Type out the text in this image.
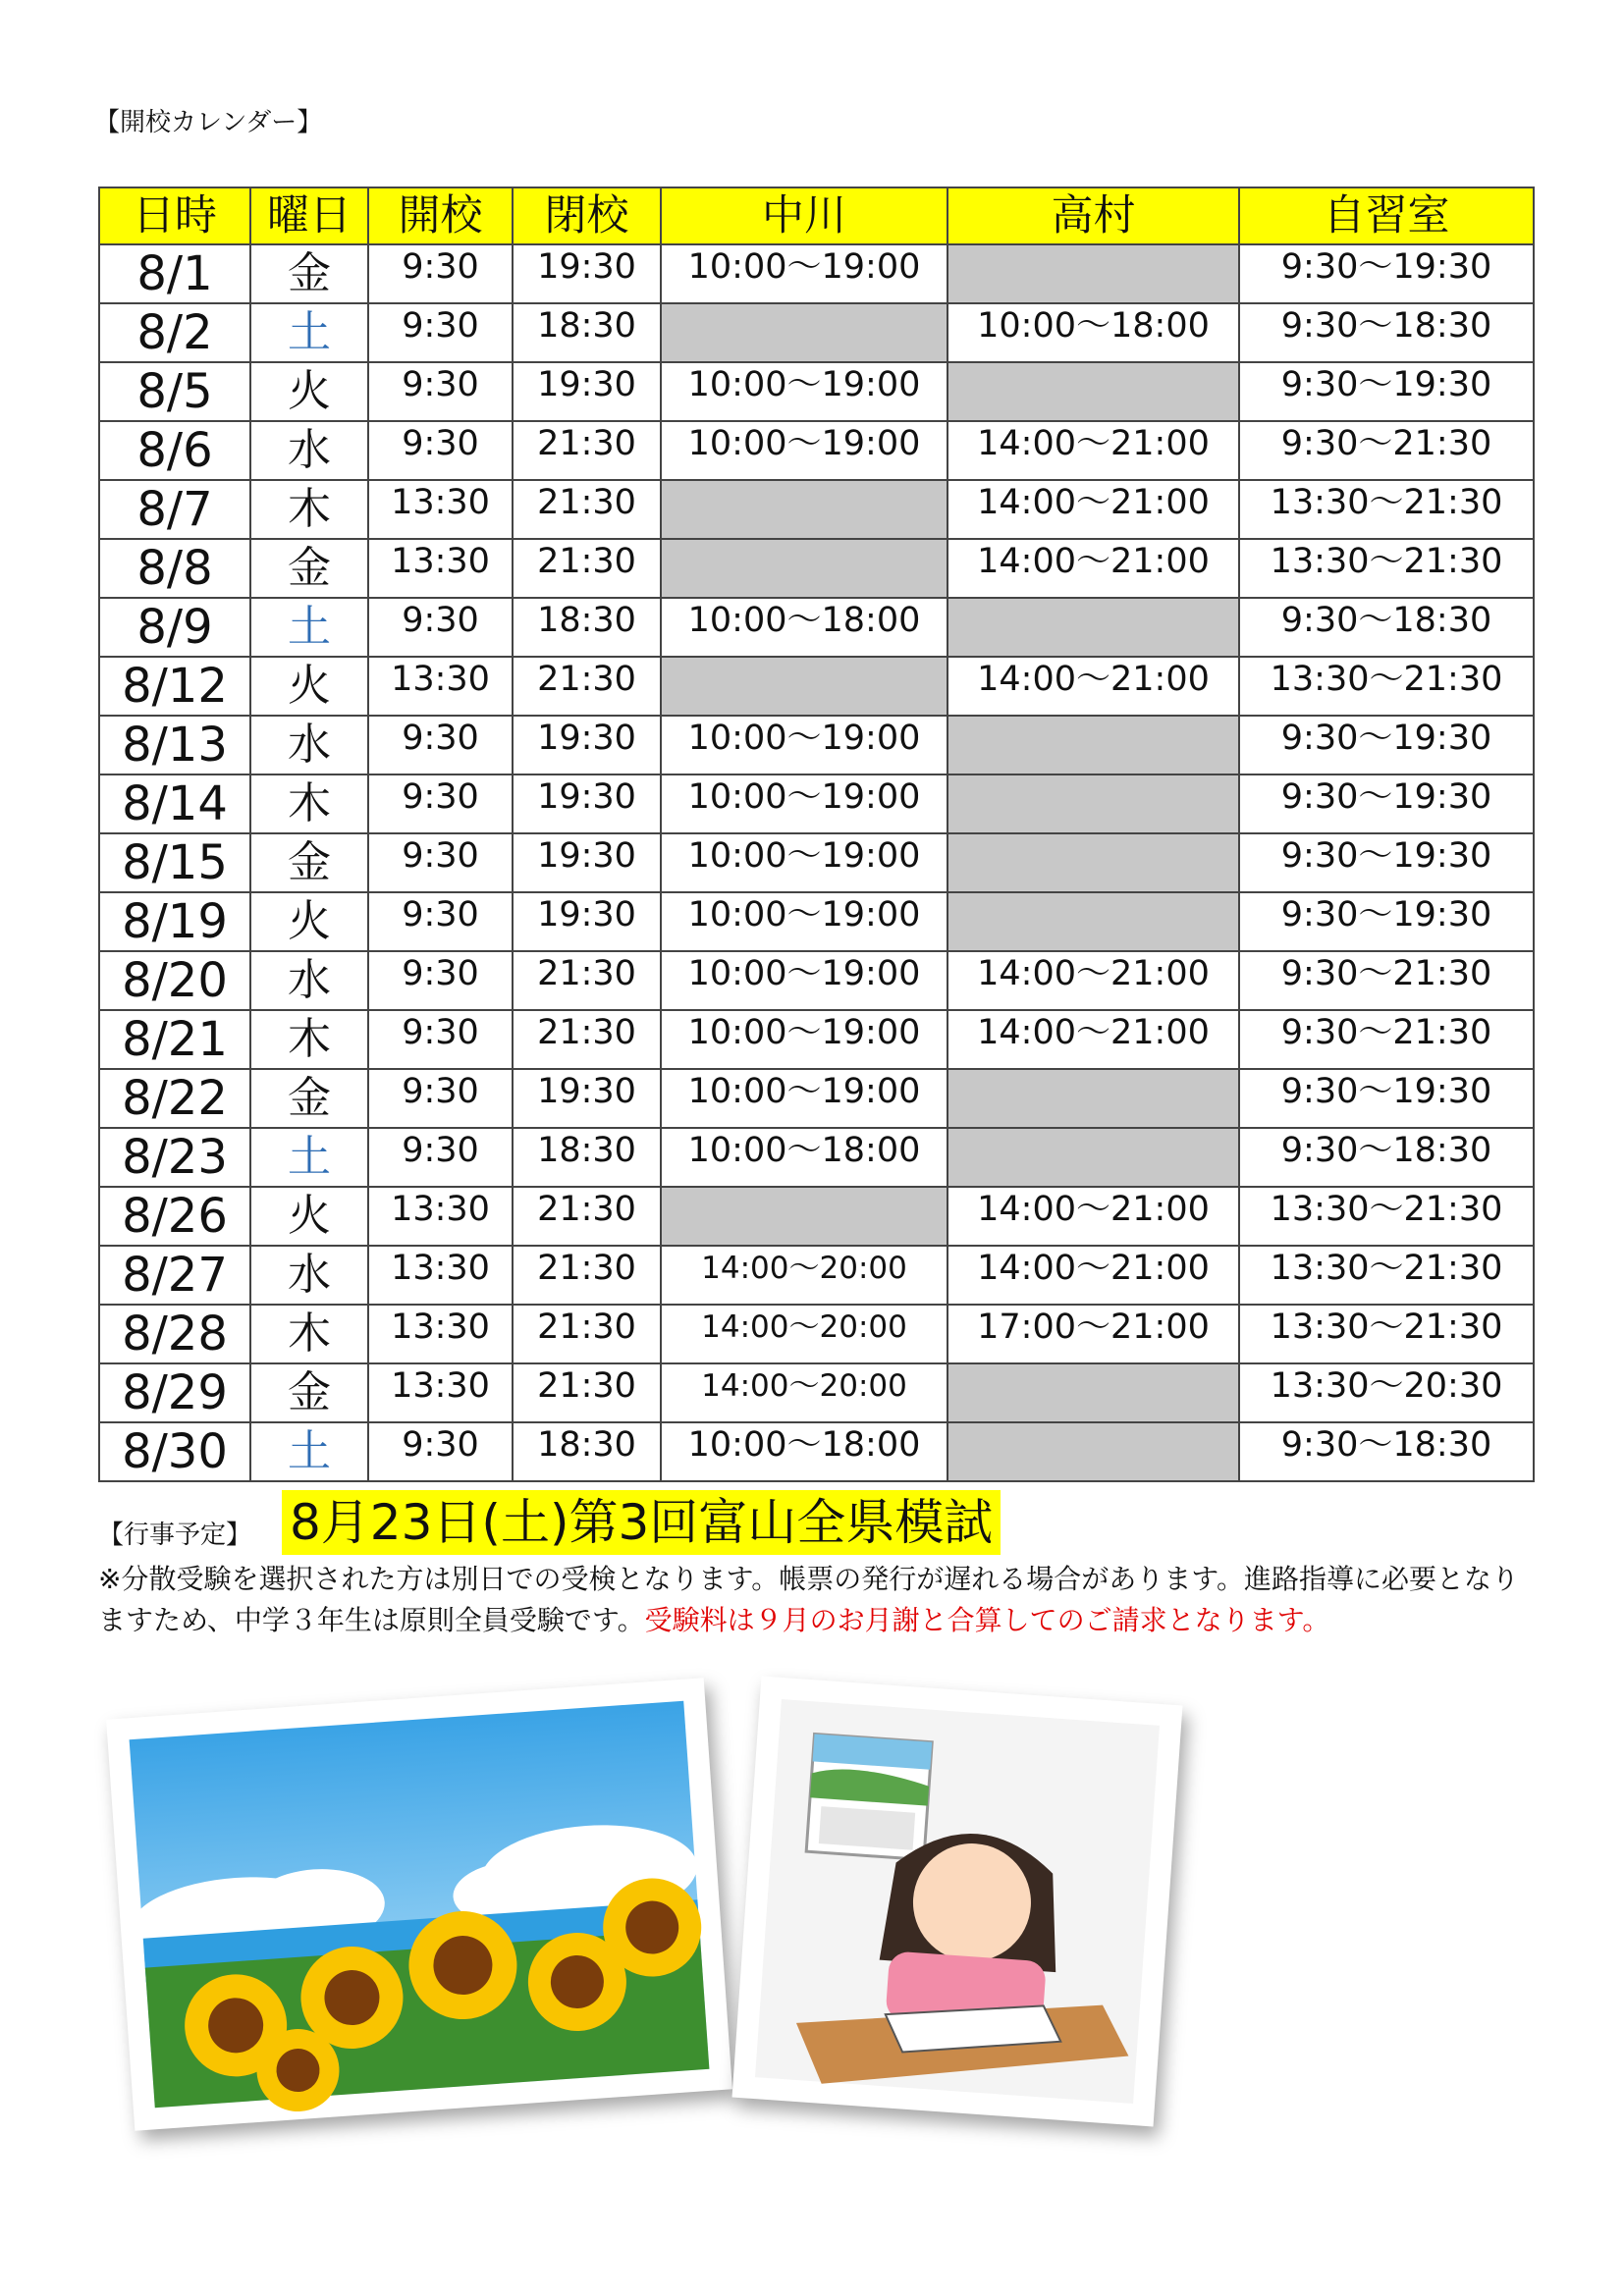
【開校カレンダー】
日時	曜日	開校	閉校	中川	高村	自習室
8/1	金	9:30	19:30	10:00～19:00		9:30～19:30
8/2	土	9:30	18:30		10:00～18:00	9:30～18:30
8/5	火	9:30	19:30	10:00～19:00		9:30～19:30
8/6	水	9:30	21:30	10:00～19:00	14:00～21:00	9:30～21:30
8/7	木	13:30	21:30		14:00～21:00	13:30～21:30
8/8	金	13:30	21:30		14:00～21:00	13:30～21:30
8/9	土	9:30	18:30	10:00～18:00		9:30～18:30
8/12	火	13:30	21:30		14:00～21:00	13:30～21:30
8/13	水	9:30	19:30	10:00～19:00		9:30～19:30
8/14	木	9:30	19:30	10:00～19:00		9:30～19:30
8/15	金	9:30	19:30	10:00～19:00		9:30～19:30
8/19	火	9:30	19:30	10:00～19:00		9:30～19:30
8/20	水	9:30	21:30	10:00～19:00	14:00～21:00	9:30～21:30
8/21	木	9:30	21:30	10:00～19:00	14:00～21:00	9:30～21:30
8/22	金	9:30	19:30	10:00～19:00		9:30～19:30
8/23	土	9:30	18:30	10:00～18:00		9:30～18:30
8/26	火	13:30	21:30		14:00～21:00	13:30～21:30
8/27	水	13:30	21:30	14:00～20:00	14:00～21:00	13:30～21:30
8/28	木	13:30	21:30	14:00～20:00	17:00～21:00	13:30～21:30
8/29	金	13:30	21:30	14:00～20:00		13:30～20:30
8/30	土	9:30	18:30	10:00～18:00		9:30～18:30
【行事予定】 8月23日(土)第3回富山全県模試
※分散受験を選択された方は別日での受検となります。帳票の発行が遅れる場合があります。進路指導に必要となりますため、中学３年生は原則全員受験です。受験料は９月のお月謝と合算してのご請求となります。
